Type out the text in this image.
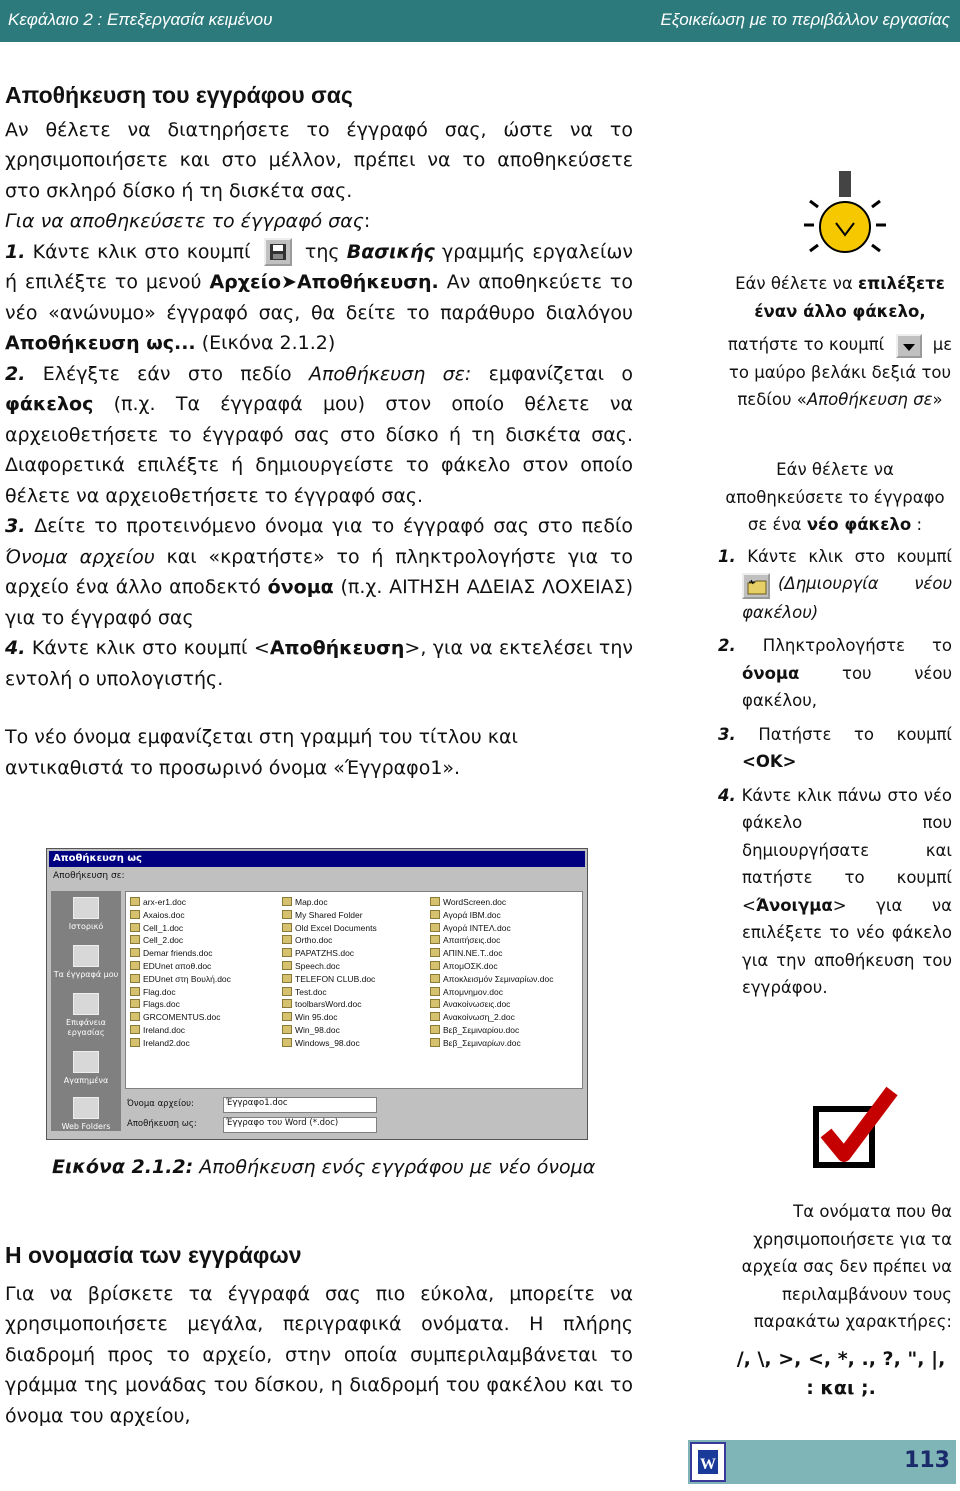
Κεφάλαιο 2 : Επεξεργασία κειμένου	Εξοικείωση με το περιβάλλον εργασίας
Αποθήκευση του εγγράφου σας

Αν θέλετε να διατηρήσετε το έγγραφό σας, ώστε να το χρησιμοποιήσετε και στο μέλλον, πρέπει να το αποθηκεύσετε στο σκληρό δίσκο ή τη δισκέτα σας.

Για να αποθηκεύσετε το έγγραφό σας:

1. Κάντε κλικ στο κουμπί	της Βασικής γραμμής εργαλείων ή επιλέξτε το μενού Αρχείο➤Αποθήκευση. Αν αποθηκεύετε το νέο «ανώνυμο» έγγραφό σας, θα δείτε το παράθυρο διαλόγου Αποθήκευση ως... (Εικόνα 2.1.2)

2. Ελέγξτε εάν στο πεδίο Αποθήκευση σε: εμφανίζεται ο φάκελος (π.χ. Τα έγγραφά μου) στον οποίο θέλετε να αρχειοθετήσετε το έγγραφό σας στο δίσκο ή τη δισκέτα σας. Διαφορετικά επιλέξτε ή δημιουργείστε το φάκελο στον οποίο θέλετε να αρχειοθετήσετε το έγγραφό σας.

3. Δείτε το προτεινόμενο όνομα για το έγγραφό σας στο πεδίο Όνομα αρχείου και «κρατήστε» το ή πληκτρολογήστε για το αρχείο ένα άλλο αποδεκτό όνομα (π.χ. ΑΙΤΗΣΗ ΑΔΕΙΑΣ ΛΟΧΕΙΑΣ) για το έγγραφό σας

4. Κάντε κλικ στο κουμπί <Αποθήκευση>, για να εκτελέσει την εντολή ο υπολογιστής.

Το νέο όνομα εμφανίζεται στη γραμμή του τίτλου και αντικαθιστά το προσωρινό όνομα «Έγγραφο1».

Αποθήκευση ως
Αποθήκευση σε:
Ιστορικό
Τα έγγραφά μου
Επιφάνεια εργασίας
Αγαπημένα
Web Folders
arx-er1.doc
Axaios.doc
Cell_1.doc
Cell_2.doc
Demar friends.doc
EDUnet αποθ.doc
EDUnet στη Βουλή.doc
Flag.doc
Flags.doc
GRCOMENTUS.doc
Ireland.doc
Ireland2.doc
Map.doc
My Shared Folder
Old Excel Documents
Ortho.doc
PAPATZHS.doc
Speech.doc
TELEFON CLUB.doc
Test.doc
toolbarsWord.doc
Win 95.doc
Win_98.doc
Windows_98.doc
WordScreen.doc
Αγορά IBM.doc
Αγορά ΙΝΤΕΛ.doc
Απαιτήσεις.doc
ΑΠΙΝ.ΝΕ.Τ..doc
ΑπομΟΣΚ.doc
Αποκλεισμόν Σεμιναρίων.doc
Απομνημον.doc
Ανακοίνωσεις.doc
Ανακοίνωση_2.doc
Βεβ_Σεμιναρίου.doc
Βεβ_Σεμιναρίων.doc
Όνομα αρχείου:	Έγγραφο1.doc
Αποθήκευση ως:	Έγγραφο του Word (*.doc)
Εικόνα 2.1.2: Αποθήκευση ενός εγγράφου με νέο όνομα
Η ονομασία των εγγράφων

Για να βρίσκετε τα έγγραφά σας πιο εύκολα, μπορείτε να χρησιμοποιήσετε μεγάλα, περιγραφικά ονόματα. Η πλήρης διαδρομή προς το αρχείο, στην οποία συμπεριλαμβάνεται το γράμμα της μονάδας του δίσκου, η διαδρομή του φακέλου και το όνομα του αρχείου,

Εάν θέλετε να επιλέξετε έναν άλλο φάκελο,

πατήστε το κουμπί	με το μαύρο βελάκι δεξιά του πεδίου «Αποθήκευση σε»

Εάν θέλετε να αποθηκεύσετε το έγγραφο σε ένα νέο φάκελο :

1. Κάντε κλικ στο κουμπί
(Δημιουργία νέου φακέλου)

2. Πληκτρολογήστε το όνομα	του νέου φακέλου,

3. Πατήστε το κουμπί <ΟΚ>

4. Κάντε κλικ πάνω στο νέο φάκελο που δημιουργήσατε και πατήστε το κουμπί <Άνοιγμα> για να επιλέξετε το νέο φάκελο για την αποθήκευση του εγγράφου.

Τα ονόματα που θα χρησιμοποιήσετε για τα αρχεία σας δεν πρέπει να περιλαμβάνουν τους παρακάτω χαρακτήρες:

/, \, >, <, *, ., ?, ", |,

: και ;.

W	113
